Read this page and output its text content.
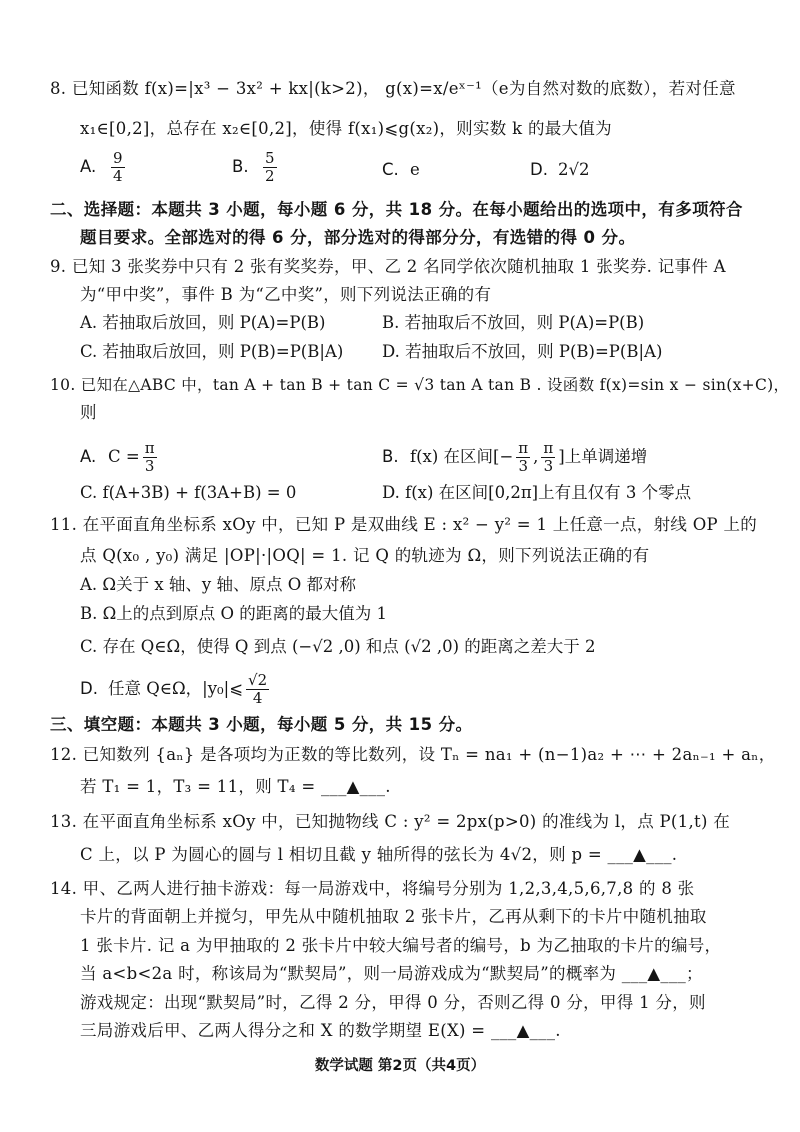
8. 已知函数 f(x)=|x³ − 3x² + kx|(k>2)， g(x)=x/eˣ⁻¹（e为自然对数的底数），若对任意
x₁∈[0,2]，总存在 x₂∈[0,2]，使得 f(x₁)⩽g(x₂)，则实数 k 的最大值为
A. $\frac{9}{4}$	B. $\frac{5}{2}$	C. e	D. 2√2
二、选择题：本题共 3 小题，每小题 6 分，共 18 分。在每小题给出的选项中，有多项符合
题目要求。全部选对的得 6 分，部分选对的得部分分，有选错的得 0 分。
9. 已知 3 张奖券中只有 2 张有奖奖券，甲、乙 2 名同学依次随机抽取 1 张奖券. 记事件 A
为“甲中奖”，事件 B 为“乙中奖”，则下列说法正确的有
A. 若抽取后放回，则 P(A)=P(B)	B. 若抽取后不放回，则 P(A)=P(B)
C. 若抽取后放回，则 P(B)=P(B|A) D. 若抽取后不放回，则 P(B)=P(B|A)
10. 已知在△ABC 中，tan A + tan B + tan C = √3 tan A tan B . 设函数 f(x)=sin x − sin(x+C)，
则
A. $C = \frac{\pi}{3}$	B. f(x) 在区间[− $\frac{\pi}{3}$ , $\frac{\pi}{3}$ ]上单调递增
C. f(A+3B) + f(3A+B) = 0	D. f(x) 在区间[0,2π]上有且仅有 3 个零点
11. 在平面直角坐标系 xOy 中，已知 P 是双曲线 E : x² − y² = 1 上任意一点，射线 OP 上的
点 Q(x₀ , y₀) 满足 |OP|·|OQ| = 1. 记 Q 的轨迹为 Ω，则下列说法正确的有
A. Ω关于 x 轴、y 轴、原点 O 都对称
B. Ω上的点到原点 O 的距离的最大值为 1
C. 存在 Q∈Ω，使得 Q 到点 (−√2 ,0) 和点 (√2 ,0) 的距离之差大于 2
D. 任意 Q∈Ω，|y₀|⩽ $\frac{√2}{4}$
三、填空题：本题共 3 小题，每小题 5 分，共 15 分。
12. 已知数列 {aₙ} 是各项均为正数的等比数列，设 Tₙ = na₁ + (n−1)a₂ + ⋯ + 2aₙ₋₁ + aₙ，
若 T₁ = 1，T₃ = 11，则 T₄ = ___▲___.
13. 在平面直角坐标系 xOy 中，已知抛物线 C : y² = 2px(p>0) 的准线为 l，点 P(1,t) 在
C 上，以 P 为圆心的圆与 l 相切且截 y 轴所得的弦长为 4√2，则 p = ___▲___.
14. 甲、乙两人进行抽卡游戏：每一局游戏中，将编号分别为 1,2,3,4,5,6,7,8 的 8 张
卡片的背面朝上并搅匀，甲先从中随机抽取 2 张卡片，乙再从剩下的卡片中随机抽取
1 张卡片. 记 a 为甲抽取的 2 张卡片中较大编号者的编号，b 为乙抽取的卡片的编号，
当 a<b<2a 时，称该局为“默契局”，则一局游戏成为“默契局”的概率为 ___▲___；
游戏规定：出现“默契局”时，乙得 2 分，甲得 0 分，否则乙得 0 分，甲得 1 分，则
三局游戏后甲、乙两人得分之和 X 的数学期望 E(X) = ___▲___.
数学试题 第2页（共4页）
